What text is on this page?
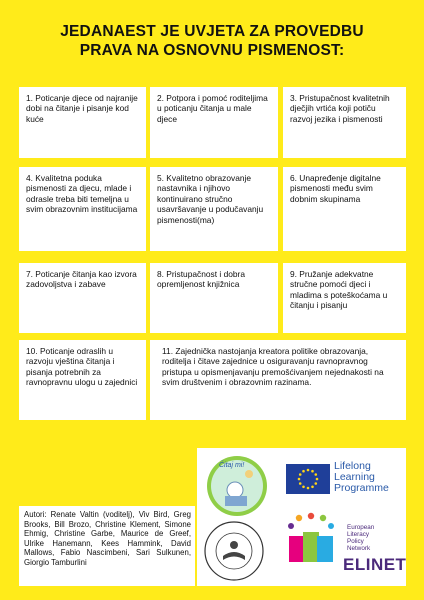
JEDANAEST JE UVJETA ZA PROVEDBU
PRAVA NA OSNOVNU PISMENOST:
1. Poticanje djece od najranije dobi na čitanje i pisanje kod kuće
2. Potpora i pomoć roditeljima u poticanju čitanja u male djece
3. Pristupačnost kvalitetnih dječjih vrtića koji potiču razvoj jezika i pismenosti
4. Kvalitetna poduka pismenosti za djecu, mlade i odrasle treba biti temeljna u svim obrazovnim institucijama
5. Kvalitetno obrazovanje nastavnika i njihovo kontinuirano stručno usavršavanje u podučavanju pismenosti(ma)
6. Unapređenje digitalne pismenosti među svim dobnim skupinama
7. Poticanje čitanja kao izvora zadovoljstva i zabave
8. Pristupačnost i dobra opremljenost knjižnica
9. Pružanje adekvatne stručne pomoći djeci i mladima s poteškoćama u čitanju i pisanju
10. Poticanje odraslih u razvoju vještina čitanja i pisanja potrebnih za ravnopravnu ulogu u zajednici
11. Zajednička nastojanja kreatora politike obrazovanja, roditelja i čitave zajednice u osiguravanju ravnopravnog pristupa u opismenjavanju premošćivanjem nejednakosti na svim društvenim i obrazovnim razinama.
Autori: Renate Valtin (voditelj), Viv Bird, Greg Brooks, Bill Brozo, Christine Klement, Simone Ehmig, Christine Garbe, Maurice de Greef, Ulrike Hanemann, Kees Hammink, David Mallows, Fabio Nascimbeni, Sari Sulkunen, Giorgio Tamburlini
Čitaj mi!	Lifelong
Learning
Programme
European
Literacy
Policy
Network
ELINET
